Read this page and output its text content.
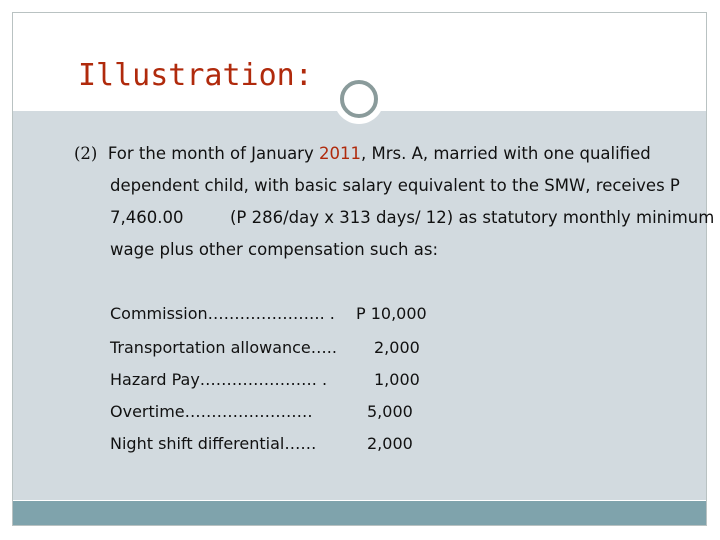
Illustration:
(2) For the month of January 2011, Mrs. A, married with one qualified
dependent child, with basic salary equivalent to the SMW, receives P
7,460.00	(P 286/day x 313 days/ 12) as statutory monthly minimum
wage plus other compensation such as:
Commission…………………. . P 10,000
Transportation allowance….. 2,000
Hazard Pay…………………. .	1,000
Overtime……………………	5,000
Night shift differential……	2,000
